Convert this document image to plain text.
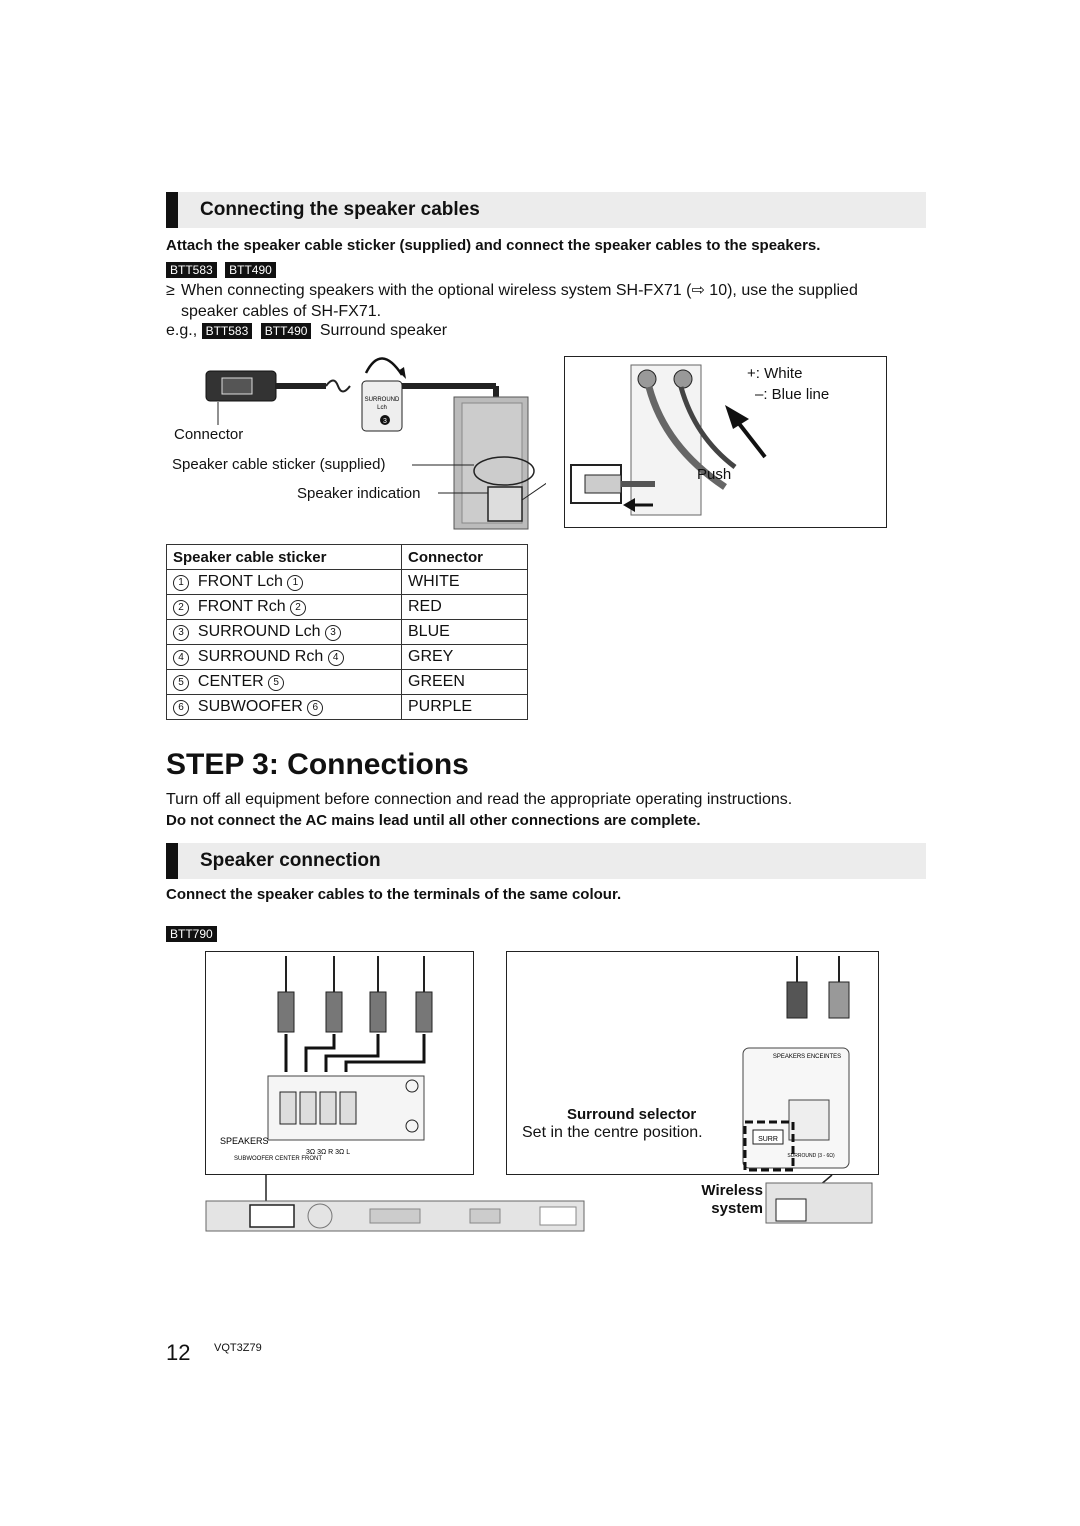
Connecting the speaker cables
Attach the speaker cable sticker (supplied) and connect the speaker cables to the speakers.
BTT583 BTT490
≥ When connecting speakers with the optional wireless system SH-FX71 (⇨ 10), use the supplied speaker cables of SH-FX71.
e.g., BTT583 BTT490 Surround speaker
SURROUND
Lch
3
Connector
Speaker cable sticker (supplied)
Speaker indication
+: White
–: Blue line
Push
Speaker cable sticker	Connector
1 FRONT Lch 1	WHITE
2 FRONT Rch 2	RED
3 SURROUND Lch 3	BLUE
4 SURROUND Rch 4	GREY
5 CENTER 5	GREEN
6 SUBWOOFER 6	PURPLE
STEP 3: Connections
Turn off all equipment before connection and read the appropriate operating instructions.
Do not connect the AC mains lead until all other connections are complete.
Speaker connection
Connect the speaker cables to the terminals of the same colour.
BTT790
SPEAKERS
3Ω 3Ω R 3Ω L
SUBWOOFER CENTER FRONT
SPEAKERS ENCEINTES
SURR
SURROUND (3 - 6Ω)
Surround selector
Set in the centre position.
Wireless
system
12 VQT3Z79
